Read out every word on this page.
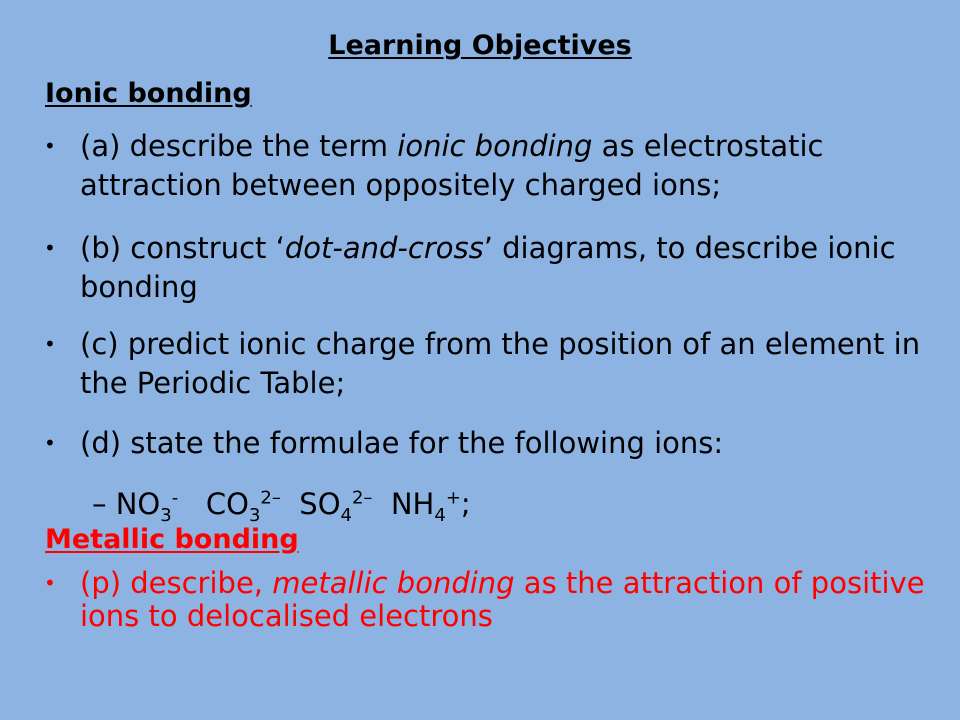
Learning Objectives
Ionic bonding
• (a) describe the term ionic bonding as electrostatic attraction between oppositely charged ions;
• (b) construct ‘dot-and-cross’ diagrams, to describe ionic bonding
• (c) predict ionic charge from the position of an element in the Periodic Table;
• (d) state the formulae for the following ions:
– $NO_3^-$ $CO_3^{2-}$ $SO_4^{2-}$ $NH_4^+$;
Metallic bonding
• (p) describe, metallic bonding as the attraction of positive ions to delocalised electrons
